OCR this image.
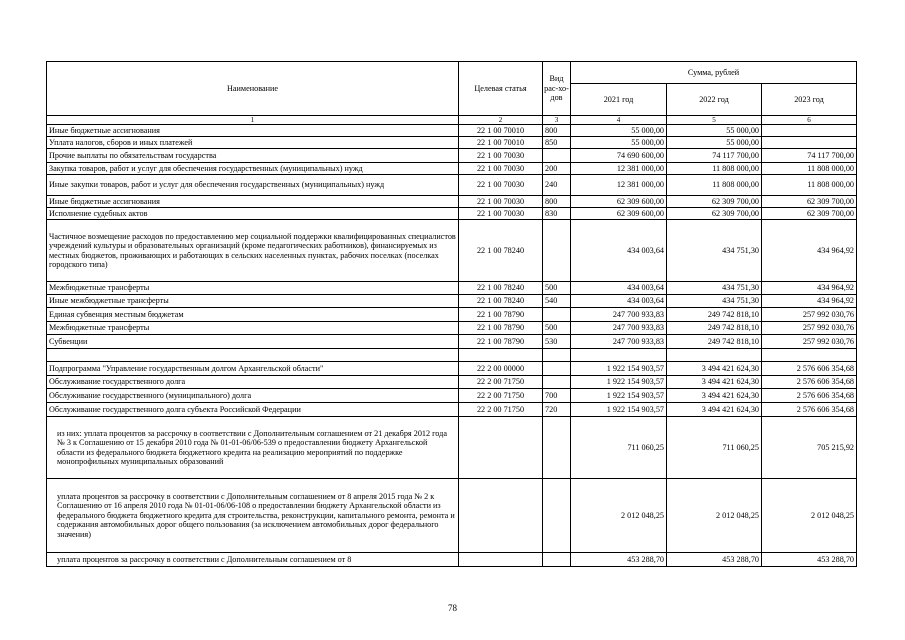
Наименование	Целевая статья	Вид рас-хо-дов	Сумма, рублей		
			2021 год	2022 год	2023 год
1	2	3	4	5	6
Иные бюджетные ассигнования	22 1 00 70010	800	55 000,00	55 000,00	
Уплата налогов, сборов и иных платежей	22 1 00 70010	850	55 000,00	55 000,00	
Прочие выплаты по обязательствам государства	22 1 00 70030		74 690 600,00	74 117 700,00	74 117 700,00
Закупка товаров, работ и услуг для обеспечения государственных (муниципальных) нужд	22 1 00 70030	200	12 381 000,00	11 808 000,00	11 808 000,00
Иные закупки товаров, работ и услуг для обеспечения государственных (муниципальных) нужд	22 1 00 70030	240	12 381 000,00	11 808 000,00	11 808 000,00
Иные бюджетные ассигнования	22 1 00 70030	800	62 309 600,00	62 309 700,00	62 309 700,00
Исполнение судебных актов	22 1 00 70030	830	62 309 600,00	62 309 700,00	62 309 700,00
Частичное возмещение расходов по предоставлению мер социальной поддержки квалифицированных специалистов учреждений культуры и образовательных организаций (кроме педагогических работников), финансируемых из местных бюджетов, проживающих и работающих в сельских населенных пунктах, рабочих поселках (поселках городского типа)	22 1 00 78240		434 003,64	434 751,30	434 964,92
Межбюджетные трансферты	22 1 00 78240	500	434 003,64	434 751,30	434 964,92
Иные межбюджетные трансферты	22 1 00 78240	540	434 003,64	434 751,30	434 964,92
Единая субвенция местным бюджетам	22 1 00 78790		247 700 933,83	249 742 818,10	257 992 030,76
Межбюджетные трансферты	22 1 00 78790	500	247 700 933,83	249 742 818,10	257 992 030,76
Субвенции	22 1 00 78790	530	247 700 933,83	249 742 818,10	257 992 030,76

Подпрограмма "Управление государственным долгом Архангельской области"	22 2 00 00000		1 922 154 903,57	3 494 421 624,30	2 576 606 354,68
Обслуживание государственного долга	22 2 00 71750		1 922 154 903,57	3 494 421 624,30	2 576 606 354,68
Обслуживание государственного (муниципального) долга	22 2 00 71750	700	1 922 154 903,57	3 494 421 624,30	2 576 606 354,68
Обслуживание государственного долга субъекта Российской Федерации	22 2 00 71750	720	1 922 154 903,57	3 494 421 624,30	2 576 606 354,68
из них: уплата процентов за рассрочку в соответствии с Дополнительным соглашением от 21 декабря 2012 года № 3 к Соглашению от 15 декабря 2010 года № 01-01-06/06-539 о предоставлении бюджету Архангельской области из федерального бюджета бюджетного кредита на реализацию мероприятий по поддержке монопрофильных муниципальных образований			711 060,25	711 060,25	705 215,92
уплата процентов за рассрочку в соответствии с Дополнительным соглашением от 8 апреля 2015 года № 2 к Соглашению от 16 апреля 2010 года № 01-01-06/06-108 о предоставлении бюджету Архангельской области из федерального бюджета бюджетного кредита для строительства, реконструкции, капитального ремонта, ремонта и содержания автомобильных дорог общего пользования (за исключением автомобильных дорог федерального значения)			2 012 048,25	2 012 048,25	2 012 048,25
уплата процентов за рассрочку в соответствии с Дополнительным соглашением от 8			453 288,70	453 288,70	453 288,70
78
